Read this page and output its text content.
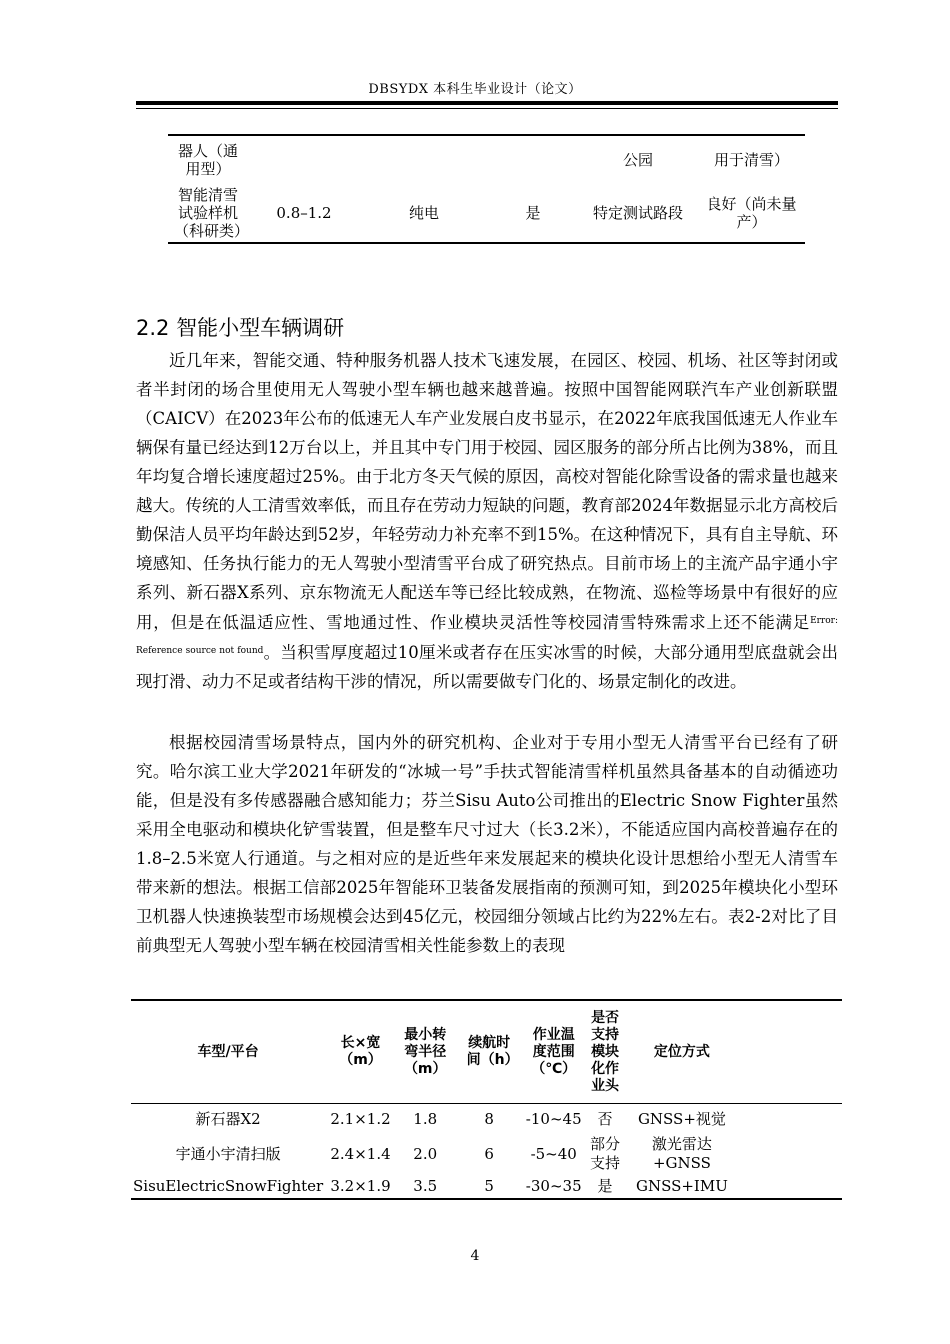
DBSYDX 本科生毕业设计（论文）
器人（通用型）				公园	用于清雪）
智能清雪试验样机（科研类）	0.8–1.2	纯电	是	特定测试路段	良好（尚未量产）
2.2 智能小型车辆调研

近几年来，智能交通、特种服务机器人技术飞速发展，在园区、校园、机场、社区等封闭或者半封闭的场合里使用无人驾驶小型车辆也越来越普遍。按照中国智能网联汽车产业创新联盟（CAICV）在2023年公布的低速无人车产业发展白皮书显示，在2022年底我国低速无人作业车辆保有量已经达到12万台以上，并且其中专门用于校园、园区服务的部分所占比例为38%，而且年均复合增长速度超过25%。由于北方冬天气候的原因，高校对智能化除雪设备的需求量也越来越大。传统的人工清雪效率低，而且存在劳动力短缺的问题，教育部2024年数据显示北方高校后勤保洁人员平均年龄达到52岁，年轻劳动力补充率不到15%。在这种情况下，具有自主导航、环境感知、任务执行能力的无人驾驶小型清雪平台成了研究热点。目前市场上的主流产品宇通小宇系列、新石器X系列、京东物流无人配送车等已经比较成熟，在物流、巡检等场景中有很好的应用，但是在低温适应性、雪地通过性、作业模块灵活性等校园清雪特殊需求上还不能满足$^{Error: Reference source not found}$。当积雪厚度超过10厘米或者存在压实冰雪的时候，大部分通用型底盘就会出现打滑、动力不足或者结构干涉的情况，所以需要做专门化的、场景定制化的改进。

根据校园清雪场景特点，国内外的研究机构、企业对于专用小型无人清雪平台已经有了研究。哈尔滨工业大学2021年研发的“冰城一号”手扶式智能清雪样机虽然具备基本的自动循迹功能，但是没有多传感器融合感知能力；芬兰Sisu Auto公司推出的Electric Snow Fighter虽然采用全电驱动和模块化铲雪装置，但是整车尺寸过大（长3.2米），不能适应国内高校普遍存在的1.8–2.5米宽人行通道。与之相对应的是近些年来发展起来的模块化设计思想给小型无人清雪车带来新的想法。根据工信部2025年智能环卫装备发展指南的预测可知，到2025年模块化小型环卫机器人快速换装型市场规模会达到45亿元，校园细分领域占比约为22%左右。表2-2对比了目前典型无人驾驶小型车辆在校园清雪相关性能参数上的表现

车型/平台	长×宽（m）	最小转弯半径（m）	续航时间（h）	作业温度范围（℃）	是否支持模块化作业头	定位方式	
新石器X2	2.1×1.2	1.8	8	-10~45	否	GNSS+视觉	
宇通小宇清扫版	2.4×1.4	2.0	6	-5~40	部分支持	激光雷达+GNSS	
SisuElectricSnowFighter	3.2×1.9	3.5	5	-30~35	是	GNSS+IMU	
4
